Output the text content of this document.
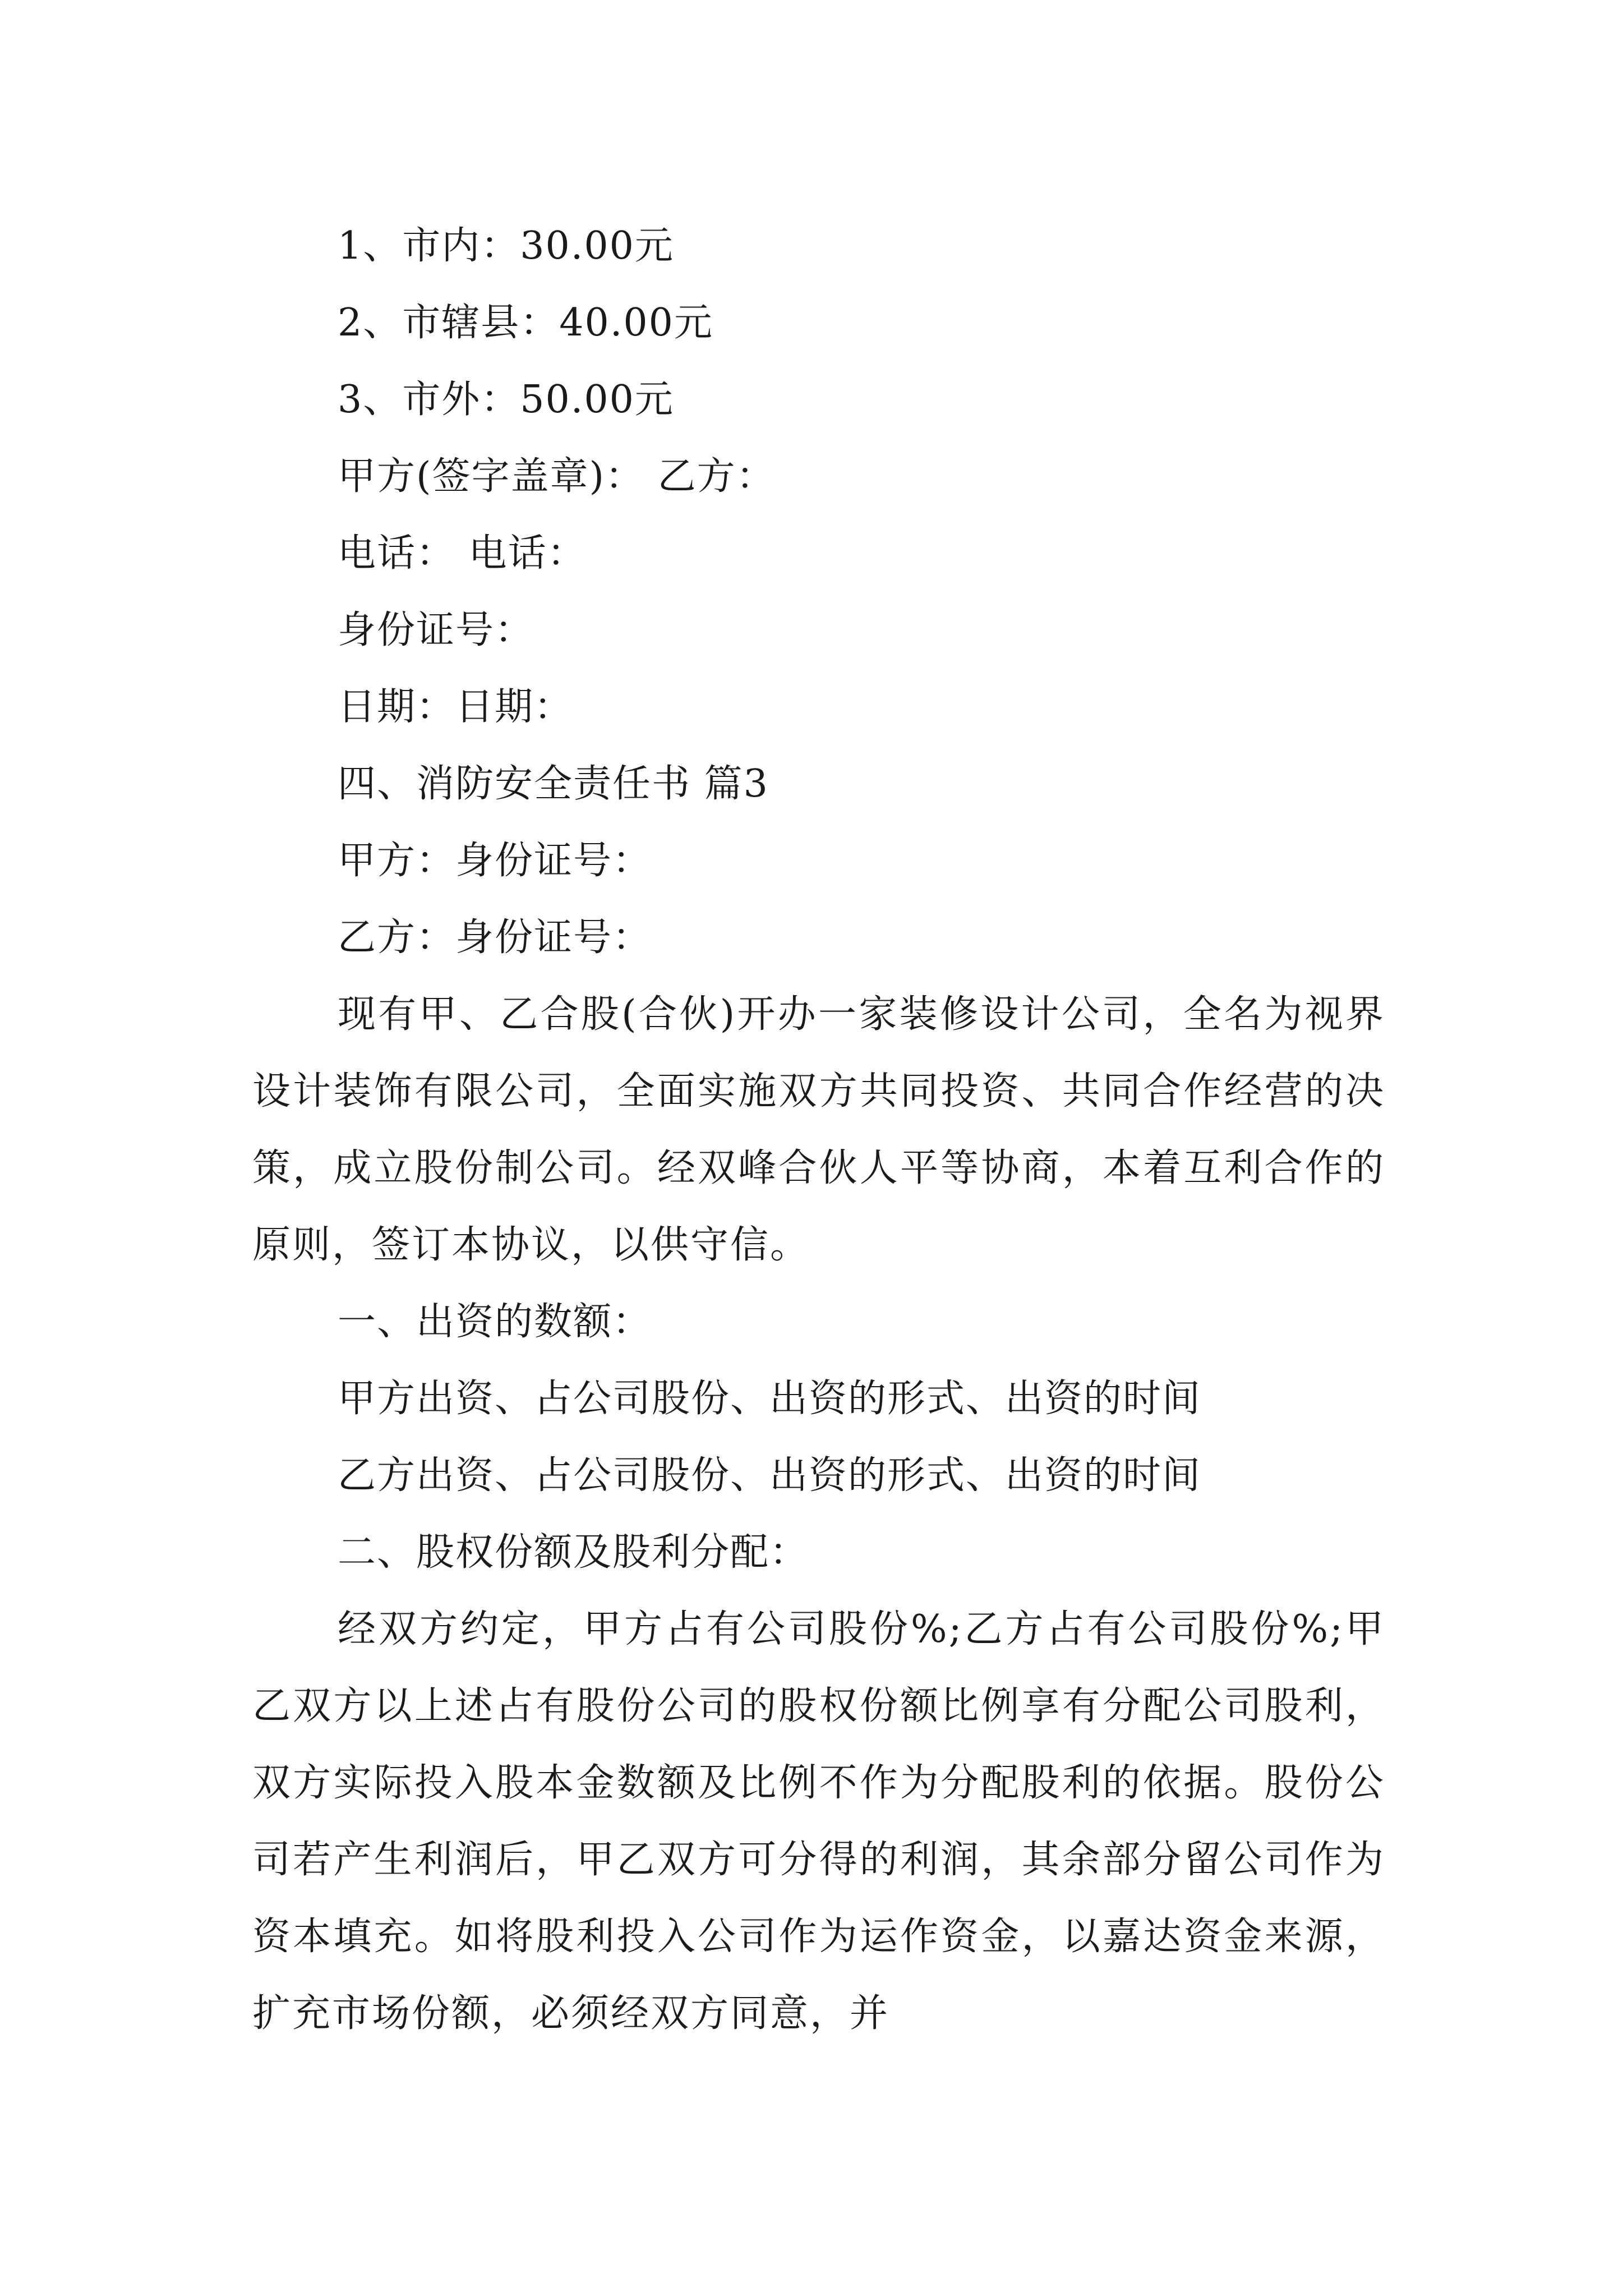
1、市内：30.00元
2、市辖县：40.00元
3、市外：50.00元
甲方(签字盖章)： 乙方：
电话： 电话：
身份证号：
日期：日期：
四、消防安全责任书 篇3
甲方：身份证号：
乙方：身份证号：

现有甲、乙合股(合伙)开办一家装修设计公司，全名为视界设计装饰有限公司，全面实施双方共同投资、共同合作经营的决策，成立股份制公司。经双峰合伙人平等协商，本着互利合作的原则，签订本协议，以供守信。

一、出资的数额：
甲方出资、占公司股份、出资的形式、出资的时间
乙方出资、占公司股份、出资的形式、出资的时间
二、股权份额及股利分配：

经双方约定，甲方占有公司股份%;乙方占有公司股份%;甲乙双方以上述占有股份公司的股权份额比例享有分配公司股利，双方实际投入股本金数额及比例不作为分配股利的依据。股份公司若产生利润后，甲乙双方可分得的利润，其余部分留公司作为资本填充。如将股利投入公司作为运作资金，以嘉达资金来源，扩充市场份额，必须经双方同意，并
